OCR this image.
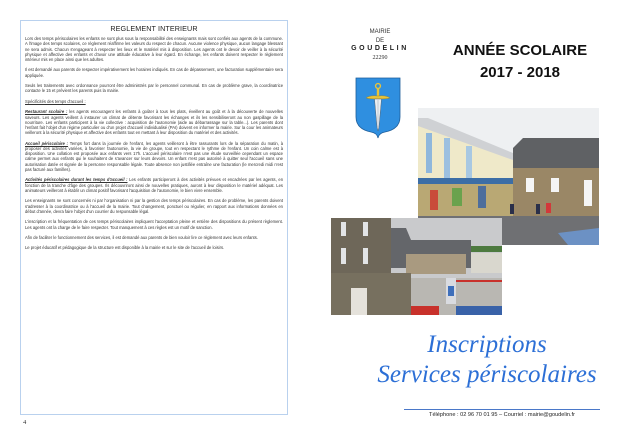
REGLEMENT INTERIEUR

Lors des temps périscolaires les enfants ne sont plus sous la responsabilité des enseignants mais sont confiés aux agents de la commune. A l'image des temps scolaires, ce règlement réaffirme les valeurs du respect de chacun. Aucune violence physique, aucun langage blessant ne sera admis. Chacun s'engageant à respecter les lieux et le matériel mis à disposition. Les agents ont le devoir de veiller à la sécurité physique et affective des enfants et d'avoir une attitude éducative à leur égard. En échange, les enfants doivent respecter le règlement intérieur mis en place ainsi que les adultes.

Il est demandé aux parents de respecter impérativement les horaires indiqués. En cas de dépassement, une facturation supplémentaire sera appliquée.

Seuls les traitements avec ordonnance pourront être administrés par le personnel communal. En cas de problème grave, la coordinatrice contacte le 15 et prévient les parents puis la mairie.

Spécificités des temps d'accueil :

Restaurant scolaire : les agents encouragent les enfants à goûter à tous les plats, éveillent au goût et à la découverte de nouvelles saveurs. Les agents veillent à instaurer un climat de détente favorisant les échanges et ils les sensibiliseront au non gaspillage de la nourriture. Les enfants participent à la vie collective : acquisition de l'autonomie (aide au débarrassage sur la table...). Les parents dont l'enfant fait l'objet d'un régime particulier ou d'un projet d'accueil individualisé (PAI) doivent en informer la mairie. Sur la cour les animateurs veilleront à la sécurité physique et affective des enfants tout en mettant à leur disposition du matériel et des activités.

Accueil périscolaire : Temps fort dans la journée de l'enfant, les agents veilleront à être rassurants lors de la séparation du matin, à proposer des activités variées, à favoriser l'autonomie, la vie de groupe, tout en respectant le rythme de l'enfant. Un coin calme est à disposition. Une collation est proposée aux enfants vers 17h. L'accueil périscolaire n'est pas une étude surveillée cependant un espace calme permet aux enfants qui le souhaitent de s'avancer sur leurs devoirs. Un enfant n'est pas autorisé à quitter seul l'accueil sans une autorisation datée et signée de la personne responsable légale. Toute absence non justifiée entraîne une facturation (le mercredi midi n'est pas facturé aux familles).

Activités périscolaires durant les temps d'accueil : Les enfants participeront à des activités prévues et encadrées par les agents, en fonction de la tranche d'âge des groupes. Ils découvriront ainsi de nouvelles pratiques, auront à leur disposition le matériel adéquat. Les animateurs veilleront à établir un climat positif favorisant l'acquisition de l'autonomie, le bien vivre ensemble.

Les enseignants ne sont concernés ni par l'organisation ni par la gestion des temps périscolaires. En cas de problème, les parents doivent s'adresser à la coordinatrice ou à l'accueil de la mairie. Tout changement, ponctuel ou régulier, en rapport aux informations données en début d'année, devra faire l'objet d'un courrier du responsable légal.

L'inscription et la fréquentation de ces temps périscolaires impliquent l'acceptation pleine et entière des dispositions du présent règlement. Les agents ont la charge de le faire respecter. Tout manquement à ces règles est un motif de sanction.

Afin de faciliter le fonctionnement des services, il est demandé aux parents de bien vouloir lire ce règlement avec leurs enfants.

Le projet éducatif et pédagogique de la structure est disponible à la mairie et sur le site de l'accueil de loisirs.

4
MAIRIE
DE
GOUDELIN
22290	ANNÉE SCOLAIRE
2017 - 2018
Inscriptions
Services périscolaires
Téléphone : 02 96 70 01 95 – Courriel : mairie@goudelin.fr
